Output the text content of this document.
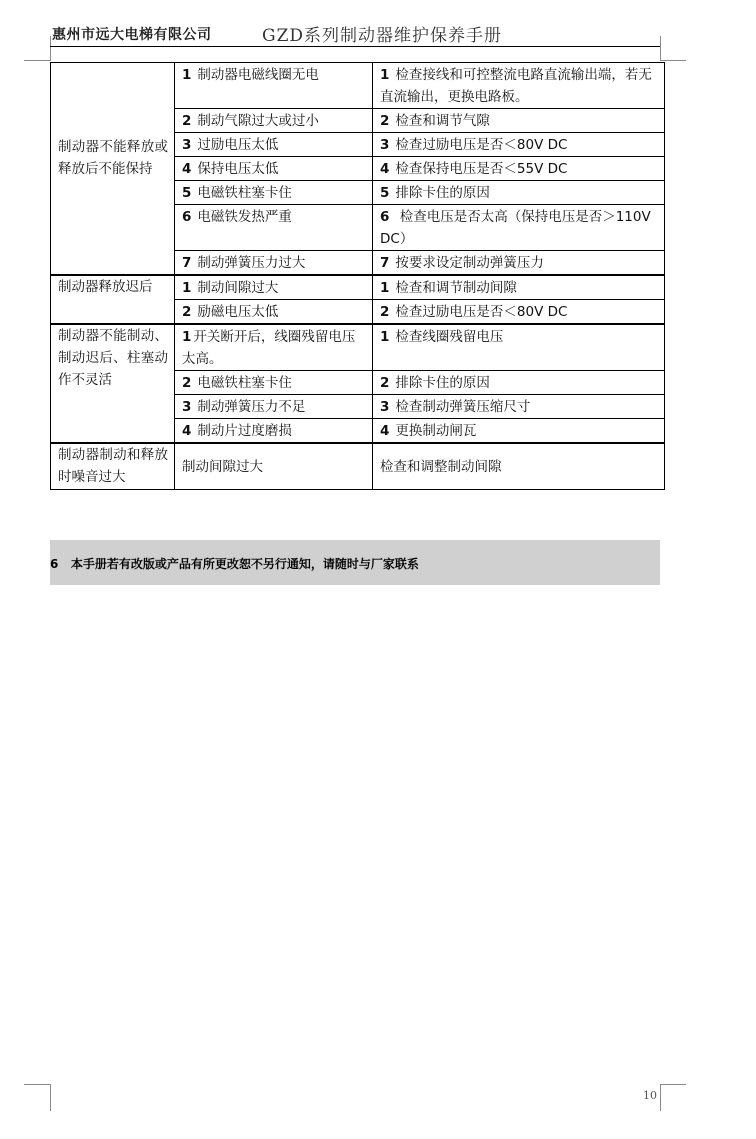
惠州市远大电梯有限公司	GZD系列制动器维护保养手册
制动器不能释放或释放后不能保持	1 制动器电磁线圈无电	1 检查接线和可控整流电路直流输出端，若无直流输出，更换电路板。
	2 制动气隙过大或过小	2 检查和调节气隙
	3 过励电压太低	3 检查过励电压是否＜80V DC
	4 保持电压太低	4 检查保持电压是否＜55V DC
	5 电磁铁柱塞卡住	5 排除卡住的原因
	6 电磁铁发热严重	6 检查电压是否太高（保持电压是否＞110V DC）
	7 制动弹簧压力过大	7 按要求设定制动弹簧压力
制动器释放迟后	1 制动间隙过大	1 检查和调节制动间隙
	2 励磁电压太低	2 检查过励电压是否＜80V DC
制动器不能制动、制动迟后、柱塞动作不灵活	1 开关断开后，线圈残留电压太高。	1 检查线圈残留电压
	2 电磁铁柱塞卡住	2 排除卡住的原因
	3 制动弹簧压力不足	3 检查制动弹簧压缩尺寸
	4 制动片过度磨损	4 更换制动闸瓦
制动器制动和释放时噪音过大	制动间隙过大	检查和调整制动间隙
6 本手册若有改版或产品有所更改恕不另行通知，请随时与厂家联系
10
